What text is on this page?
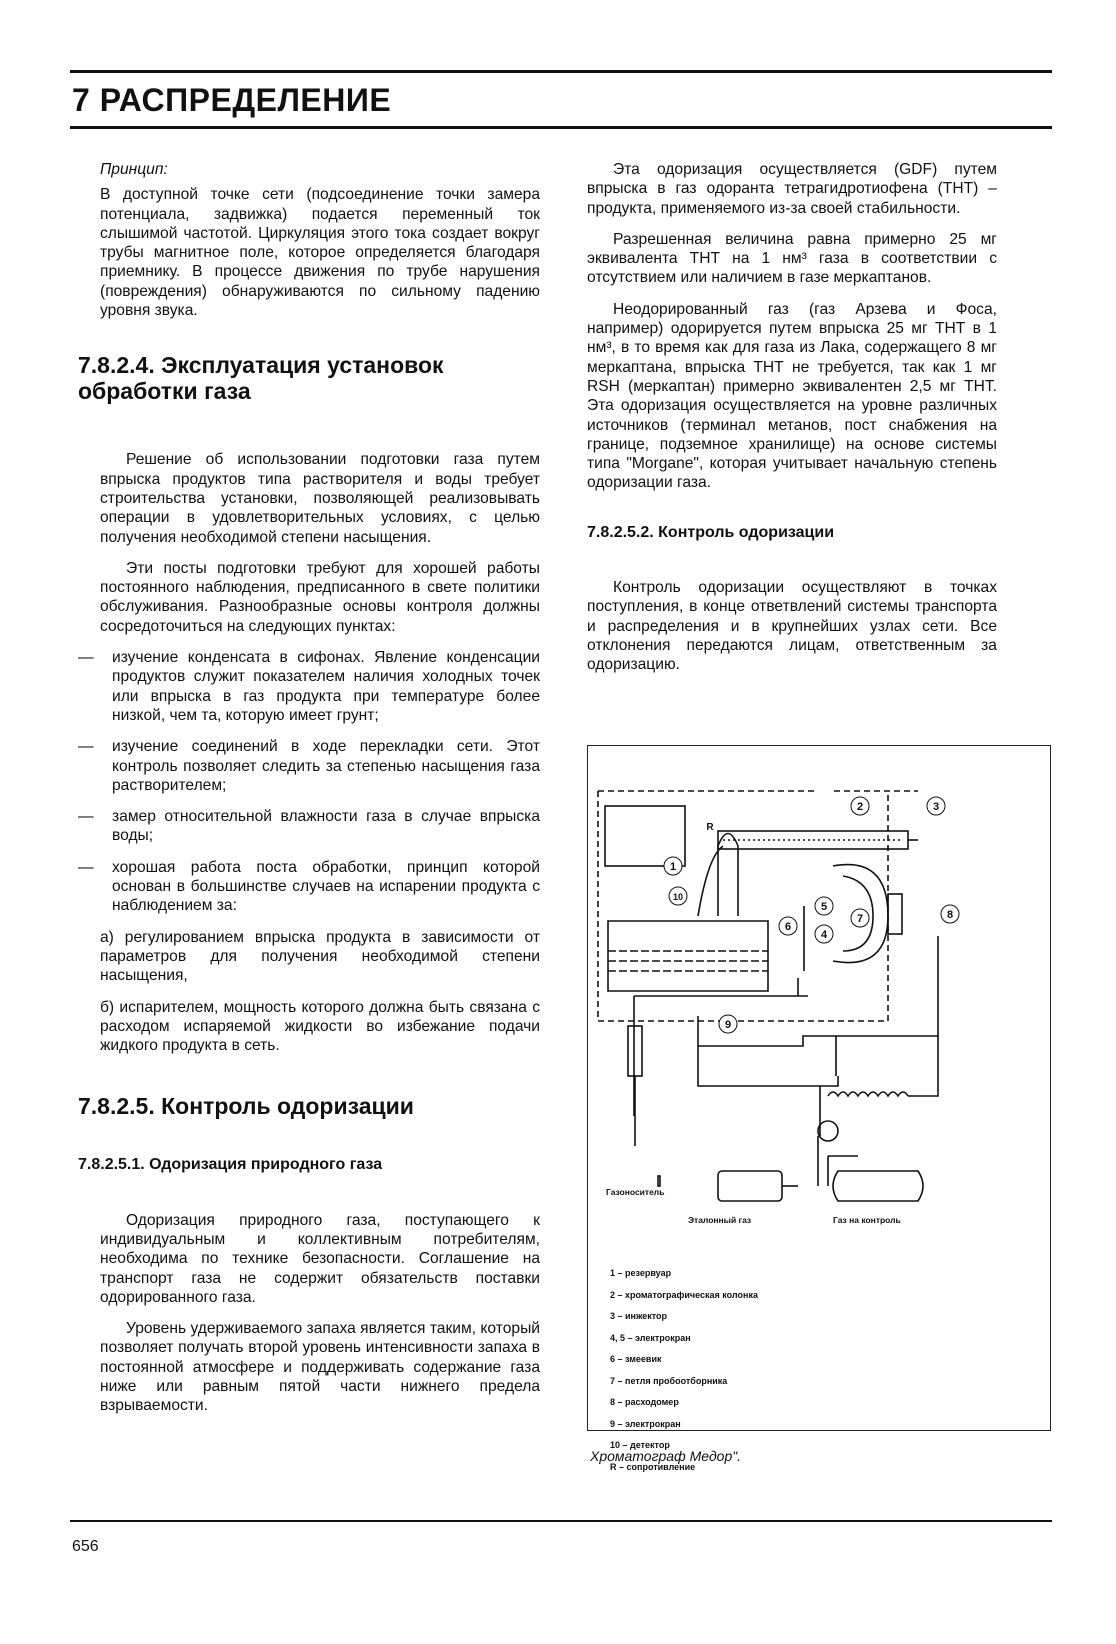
7 РАСПРЕДЕЛЕНИЕ

Принцип:

В доступной точке сети (подсоединение точки замера потенциала, задвижка) подается переменный ток слышимой частотой. Циркуляция этого тока создает вокруг трубы магнитное поле, которое определяется благодаря приемнику. В процессе движения по трубе нарушения (повреждения) обнаруживаются по сильному падению уровня звука.

7.8.2.4. Эксплуатация установок обработки газа

Решение об использовании подготовки газа путем впрыска продуктов типа растворителя и воды требует строительства установки, позволяющей реализовывать операции в удовлетворительных условиях, с целью получения необходимой степени насыщения.

Эти посты подготовки требуют для хорошей работы постоянного наблюдения, предписанного в свете политики обслуживания. Разнообразные основы контроля должны сосредоточиться на следующих пунктах:

— изучение конденсата в сифонах. Явление конденсации продуктов служит показателем наличия холодных точек или впрыска в газ продукта при температуре более низкой, чем та, которую имеет грунт;
— изучение соединений в ходе перекладки сети. Этот контроль позволяет следить за степенью насыщения газа растворителем;
— замер относительной влажности газа в случае впрыска воды;
— хорошая работа поста обработки, принцип которой основан в большинстве случаев на испарении продукта с наблюдением за:

а) регулированием впрыска продукта в зависимости от параметров для получения необходимой степени насыщения,

б) испарителем, мощность которого должна быть связана с расходом испаряемой жидкости во избежание подачи жидкого продукта в сеть.

7.8.2.5. Контроль одоризации
7.8.2.5.1. Одоризация природного газа

Одоризация природного газа, поступающего к индивидуальным и коллективным потребителям, необходима по технике безопасности. Соглашение на транспорт газа не содержит обязательств поставки одорированного газа.

Уровень удерживаемого запаха является таким, который позволяет получать второй уровень интенсивности запаха в постоянной атмосфере и поддерживать содержание газа ниже или равным пятой части нижнего предела взрываемости.

Эта одоризация осуществляется (GDF) путем впрыска в газ одоранта тетрагидротиофена (ТНТ) – продукта, применяемого из-за своей стабильности.

Разрешенная величина равна примерно 25 мг эквивалента ТНТ на 1 нм³ газа в соответствии с отсутствием или наличием в газе меркаптанов.

Неодорированный газ (газ Арзева и Фоса, например) одорируется путем впрыска 25 мг ТНТ в 1 нм³, в то время как для газа из Лака, содержащего 8 мг меркаптана, впрыска ТНТ не требуется, так как 1 мг RSH (меркаптан) примерно эквивалентен 2,5 мг ТНТ. Эта одоризация осуществляется на уровне различных источников (терминал метанов, пост снабжения на границе, подземное хранилище) на основе системы типа "Morgane", которая учитывает начальную степень одоризации газа.

7.8.2.5.2. Контроль одоризации

Контроль одоризации осуществляют в точках поступления, в конце ответвлений системы транспорта и распределения и в крупнейших узлах сети. Все отклонения передаются лицам, ответственным за одоризацию.

1
2	3
4
5
6
7	8
9
10
R
Газоноситель
Эталонный газ	Газ на контроль
1 – резервуар
2 – хроматографическая колонка
3 – инжектор
4, 5 – электрокран
6 – змеевик
7 – петля пробоотборника
8 – расходомер
9 – электрокран
10 – детектор
R – сопротивление
Хроматограф Медор".
656
